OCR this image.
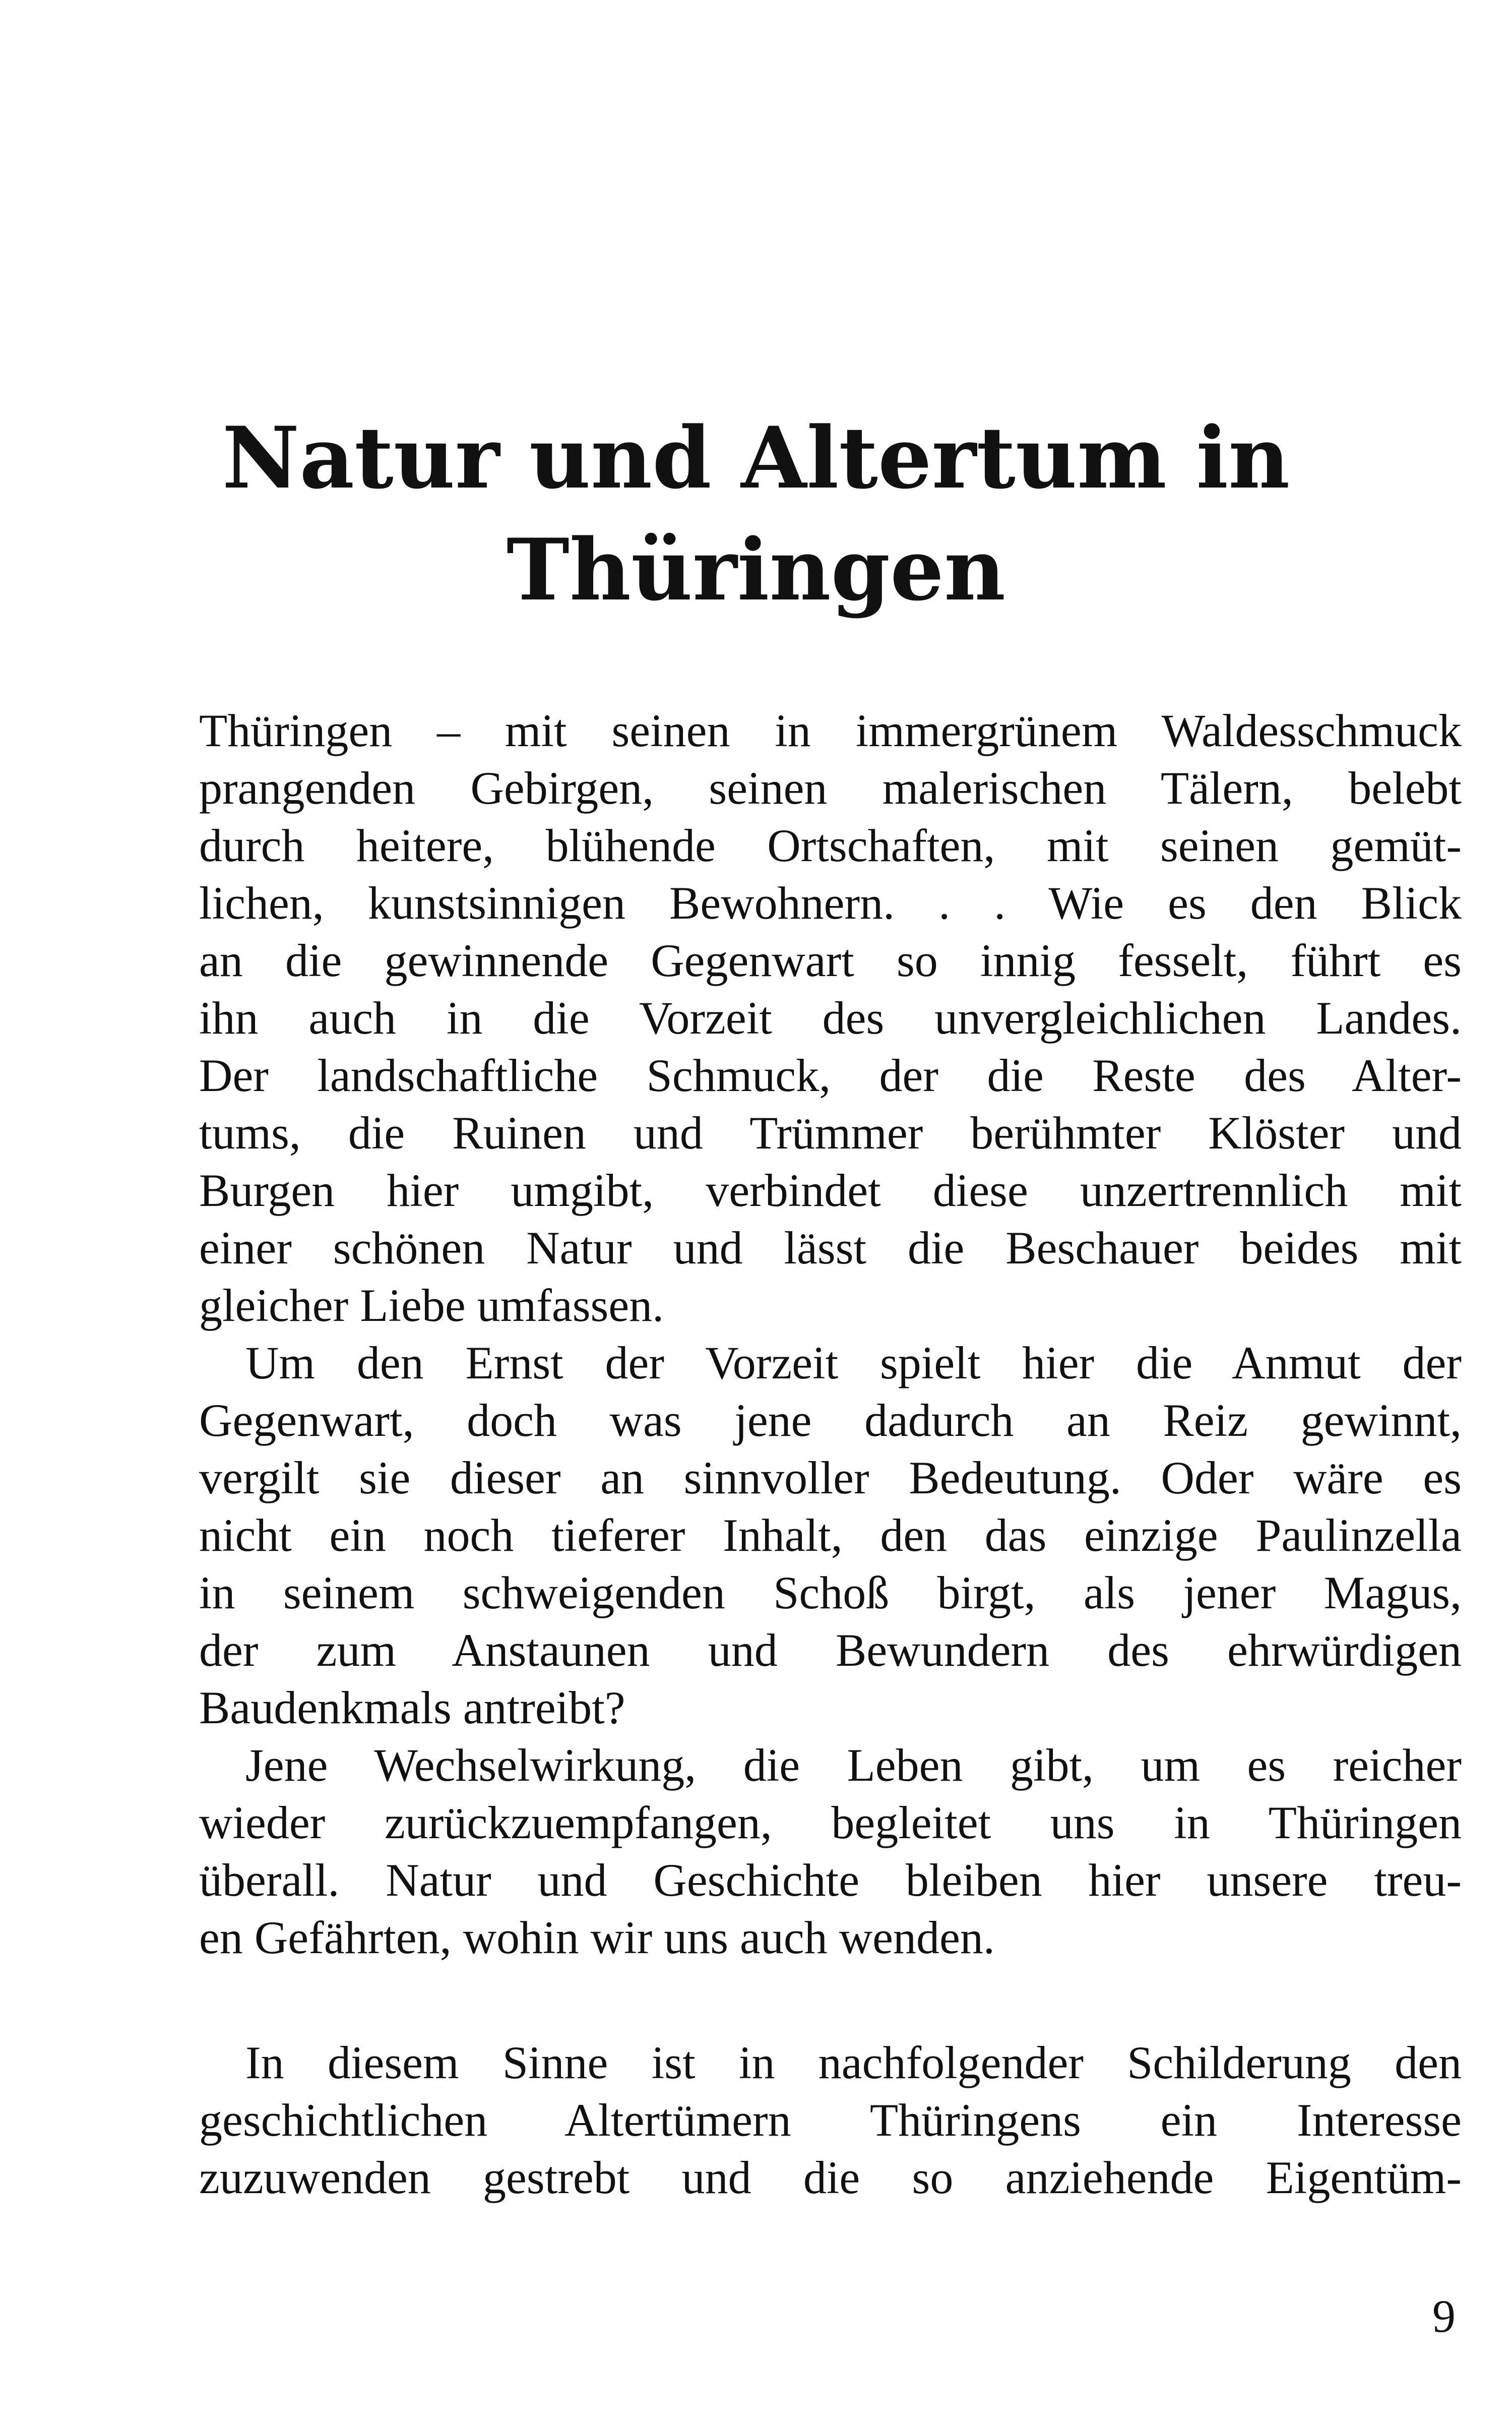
Natur und Altertum in
Thüringen
Thüringen – mit seinen in immergrünem Waldesschmuck
prangenden Gebirgen, seinen malerischen Tälern, belebt
durch heitere, blühende Ortschaften, mit seinen gemüt-
lichen, kunstsinnigen Bewohnern. . . Wie es den Blick
an die gewinnende Gegenwart so innig fesselt, führt es
ihn auch in die Vorzeit des unvergleichlichen Landes.
Der landschaftliche Schmuck, der die Reste des Alter-
tums, die Ruinen und Trümmer berühmter Klöster und
Burgen hier umgibt, verbindet diese unzertrennlich mit
einer schönen Natur und lässt die Beschauer beides mit
gleicher Liebe umfassen.
Um den Ernst der Vorzeit spielt hier die Anmut der
Gegenwart, doch was jene dadurch an Reiz gewinnt,
vergilt sie dieser an sinnvoller Bedeutung. Oder wäre es
nicht ein noch tieferer Inhalt, den das einzige Paulinzella
in seinem schweigenden Schoß birgt, als jener Magus,
der zum Anstaunen und Bewundern des ehrwürdigen
Baudenkmals antreibt?
Jene Wechselwirkung, die Leben gibt, um es reicher
wieder zurückzuempfangen, begleitet uns in Thüringen
überall. Natur und Geschichte bleiben hier unsere treu-
en Gefährten, wohin wir uns auch wenden.
In diesem Sinne ist in nachfolgender Schilderung den
geschichtlichen Altertümern Thüringens ein Interesse
zuzuwenden gestrebt und die so anziehende Eigentüm-
9
